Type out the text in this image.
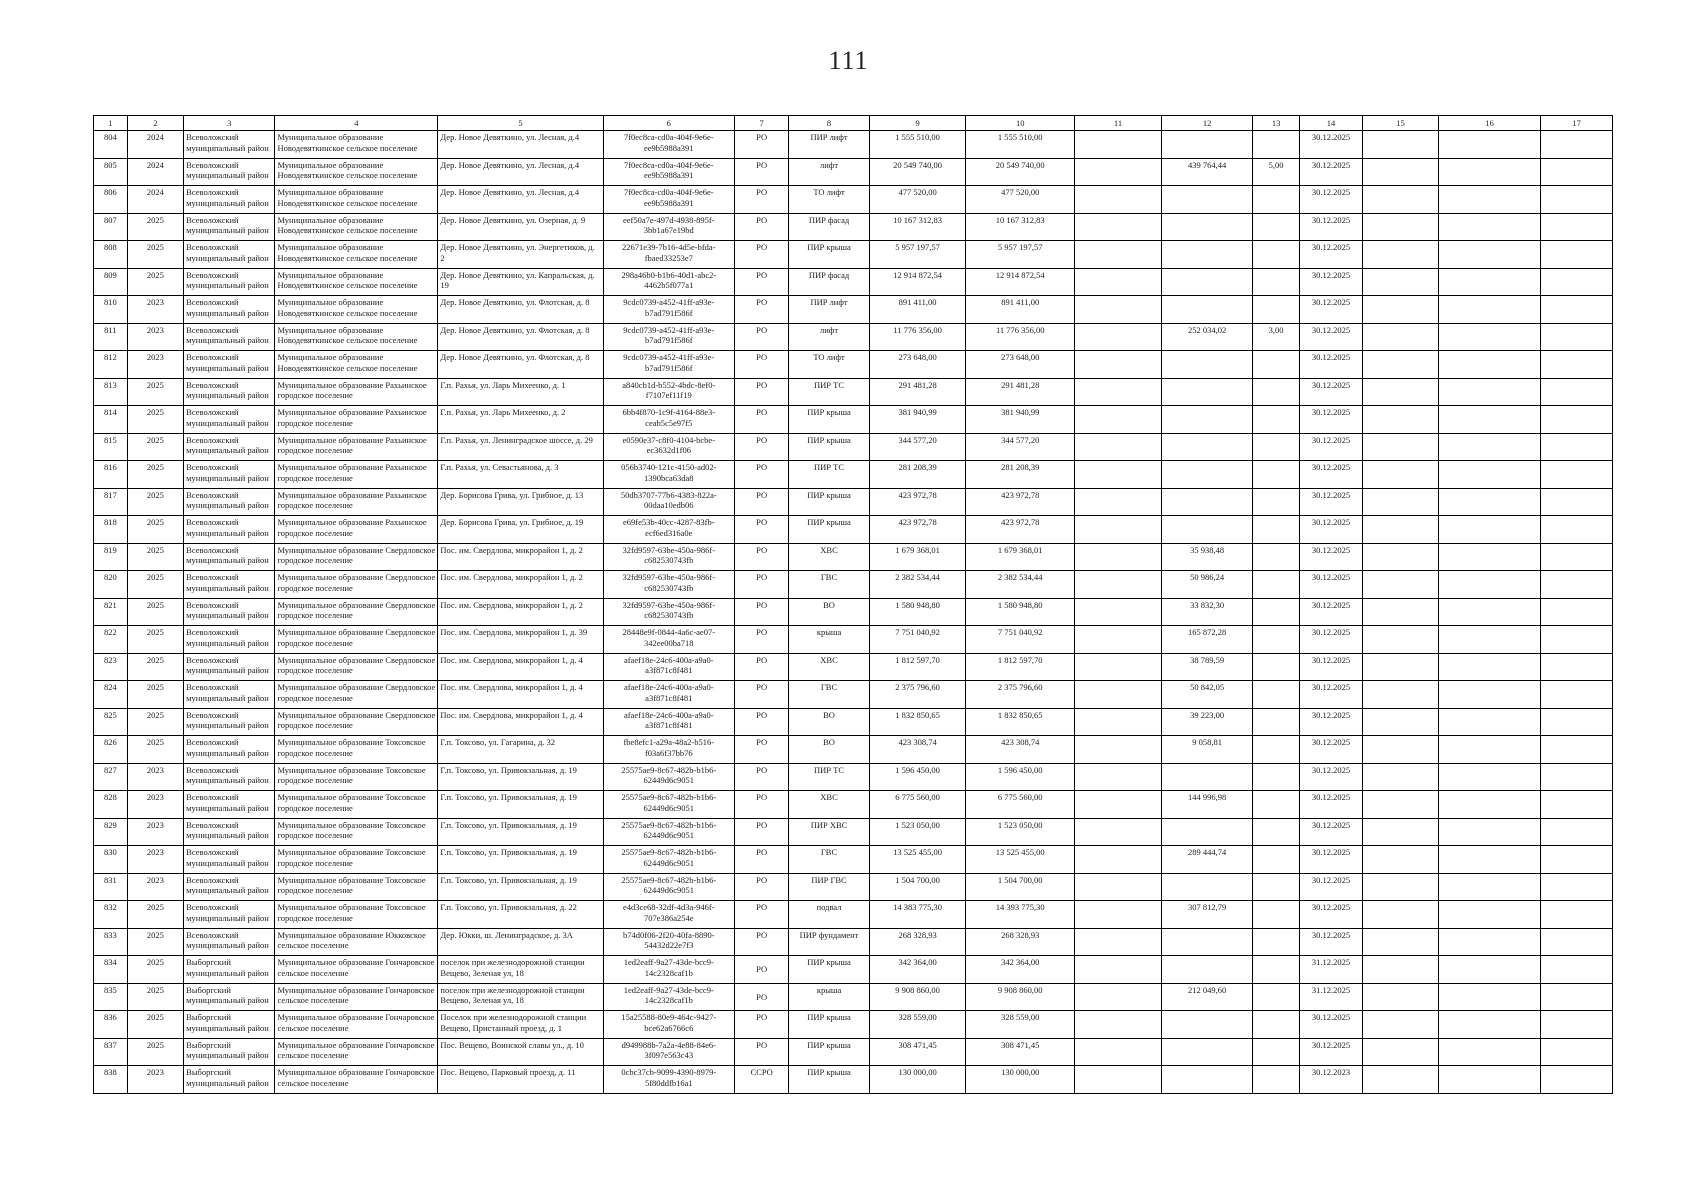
111
1	2	3	4	5	6	7	8	9	10	11	12	13	14	15	16	17
804	2024	Всеволожский муниципальный район	Муниципальное образование Новодевяткинское сельское поселение	Дер. Новое Девяткино, ул. Лесная, д.4	7f0ec8ca-cd0a-404f-9e6e-ee9b5988a391	РО	ПИР лифт	1 555 510,00	1 555 510,00				30.12.2025			
805	2024	Всеволожский муниципальный район	Муниципальное образование Новодевяткинское сельское поселение	Дер. Новое Девяткино, ул. Лесная, д.4	7f0ec8ca-cd0a-404f-9e6e-ee9b5988a391	РО	лифт	20 549 740,00	20 549 740,00		439 764,44	5,00	30.12.2025			
806	2024	Всеволожский муниципальный район	Муниципальное образование Новодевяткинское сельское поселение	Дер. Новое Девяткино, ул. Лесная, д.4	7f0ec8ca-cd0a-404f-9e6e-ee9b5988a391	РО	ТО лифт	477 520,00	477 520,00				30.12.2025			
807	2025	Всеволожский муниципальный район	Муниципальное образование Новодевяткинское сельское поселение	Дер. Новое Девяткино, ул. Озерная, д. 9	eef50a7e-497d-4938-895f-3bb1a67e19bd	РО	ПИР фасад	10 167 312,83	10 167 312,83				30.12.2025			
808	2025	Всеволожский муниципальный район	Муниципальное образование Новодевяткинское сельское поселение	Дер. Новое Девяткино, ул. Энергетиков, д. 2	22671e39-7b16-4d5e-bfda-fbaed33253e7	РО	ПИР крыша	5 957 197,57	5 957 197,57				30.12.2025			
809	2025	Всеволожский муниципальный район	Муниципальное образование Новодевяткинское сельское поселение	Дер. Новое Девяткино, ул. Капральская, д. 19	298a46b0-b1b6-40d1-abc2-4462b5f077a1	РО	ПИР фасад	12 914 872,54	12 914 872,54				30.12.2025			
810	2023	Всеволожский муниципальный район	Муниципальное образование Новодевяткинское сельское поселение	Дер. Новое Девяткино, ул. Флотская, д. 8	9cdc0739-a452-41ff-a93e-b7ad791f586f	РО	ПИР лифт	891 411,00	891 411,00				30.12.2025			
811	2023	Всеволожский муниципальный район	Муниципальное образование Новодевяткинское сельское поселение	Дер. Новое Девяткино, ул. Флотская, д. 8	9cdc0739-a452-41ff-a93e-b7ad791f586f	РО	лифт	11 776 356,00	11 776 356,00		252 034,02	3,00	30.12.2025			
812	2023	Всеволожский муниципальный район	Муниципальное образование Новодевяткинское сельское поселение	Дер. Новое Девяткино, ул. Флотская, д. 8	9cdc0739-a452-41ff-a93e-b7ad791f586f	РО	ТО лифт	273 648,00	273 648,00				30.12.2025			
813	2025	Всеволожский муниципальный район	Муниципальное образование Рахьинское городское поселение	Г.п. Рахья, ул. Ларь Михеенко, д. 1	a840cb1d-b552-4bdc-8ef0-f7107ef11f19	РО	ПИР ТС	291 481,28	291 481,28				30.12.2025			
814	2025	Всеволожский муниципальный район	Муниципальное образование Рахьинское городское поселение	Г.п. Рахья, ул. Ларь Михеенко, д. 2	6bb4f870-1c9f-4164-88e3-ceab5c5e97f5	РО	ПИР крыша	381 940,99	381 940,99				30.12.2025			
815	2025	Всеволожский муниципальный район	Муниципальное образование Рахьинское городское поселение	Г.п. Рахья, ул. Ленинградское шоссе, д. 29	e0590e37-c8f0-4104-bcbe-ec3632d1f06	РО	ПИР крыша	344 577,20	344 577,20				30.12.2025			
816	2025	Всеволожский муниципальный район	Муниципальное образование Рахьинское городское поселение	Г.п. Рахья, ул. Севастьянова, д. 3	056b3740-121c-4150-ad02-1390bca63da8	РО	ПИР ТС	281 208,39	281 208,39				30.12.2025			
817	2025	Всеволожский муниципальный район	Муниципальное образование Рахьинское городское поселение	Дер. Борисова Грива, ул. Грибное, д. 13	50db3707-77b6-4383-822a-00daa10edb06	РО	ПИР крыша	423 972,78	423 972,78				30.12.2025			
818	2025	Всеволожский муниципальный район	Муниципальное образование Рахьинское городское поселение	Дер. Борисова Грива, ул. Грибное, д. 19	e69fe53b-40cc-4287-83fb-ecf6ed316a0e	РО	ПИР крыша	423 972,78	423 972,78				30.12.2025			
819	2025	Всеволожский муниципальный район	Муниципальное образование Свердловское городское поселение	Пос. им. Свердлова, микрорайон 1, д. 2	32fd9597-63be-450a-986f-c682530743fb	РО	ХВС	1 679 368,01	1 679 368,01		35 938,48		30.12.2025			
820	2025	Всеволожский муниципальный район	Муниципальное образование Свердловское городское поселение	Пос. им. Свердлова, микрорайон 1, д. 2	32fd9597-63be-450a-986f-c682530743fb	РО	ГВС	2 382 534,44	2 382 534,44		50 986,24		30.12.2025			
821	2025	Всеволожский муниципальный район	Муниципальное образование Свердловское городское поселение	Пос. им. Свердлова, микрорайон 1, д. 2	32fd9597-63be-450a-986f-c682530743fb	РО	ВО	1 580 948,80	1 580 948,80		33 832,30		30.12.2025			
822	2025	Всеволожский муниципальный район	Муниципальное образование Свердловское городское поселение	Пос. им. Свердлова, микрорайон 1, д. 39	28448e9f-0844-4a6c-ae07-342ee00ba718	РО	крыша	7 751 040,92	7 751 040,92		165 872,28		30.12.2025			
823	2025	Всеволожский муниципальный район	Муниципальное образование Свердловское городское поселение	Пос. им. Свердлова, микрорайон 1, д. 4	afaef18e-24c6-400a-a9a0-a3f871c8f481	РО	ХВС	1 812 597,70	1 812 597,70		38 789,59		30.12.2025			
824	2025	Всеволожский муниципальный район	Муниципальное образование Свердловское городское поселение	Пос. им. Свердлова, микрорайон 1, д. 4	afaef18e-24c6-400a-a9a0-a3f871c8f481	РО	ГВС	2 375 796,60	2 375 796,60		50 842,05		30.12.2025			
825	2025	Всеволожский муниципальный район	Муниципальное образование Свердловское городское поселение	Пос. им. Свердлова, микрорайон 1, д. 4	afaef18e-24c6-400a-a9a0-a3f871c8f481	РО	ВО	1 832 850,65	1 832 850,65		39 223,00		30.12.2025			
826	2025	Всеволожский муниципальный район	Муниципальное образование Токсовское городское поселение	Г.п. Токсово, ул. Гагарина, д. 32	fbe8efc1-a29a-48a2-b516-f03a6f37bb76	РО	ВО	423 308,74	423 308,74		9 058,81		30.12.2025			
827	2023	Всеволожский муниципальный район	Муниципальное образование Токсовское городское поселение	Г.п. Токсово, ул. Привокзальная, д. 19	25575ae9-8c67-482b-b1b6-62449d6c9051	РО	ПИР ТС	1 596 450,00	1 596 450,00				30.12.2025			
828	2023	Всеволожский муниципальный район	Муниципальное образование Токсовское городское поселение	Г.п. Токсово, ул. Привокзальная, д. 19	25575ae9-8c67-482b-b1b6-62449d6c9051	РО	ХВС	6 775 560,00	6 775 560,00		144 996,98		30.12.2025			
829	2023	Всеволожский муниципальный район	Муниципальное образование Токсовское городское поселение	Г.п. Токсово, ул. Привокзальная, д. 19	25575ae9-8c67-482b-b1b6-62449d6c9051	РО	ПИР ХВС	1 523 050,00	1 523 050,00				30.12.2025			
830	2023	Всеволожский муниципальный район	Муниципальное образование Токсовское городское поселение	Г.п. Токсово, ул. Привокзальная, д. 19	25575ae9-8c67-482b-b1b6-62449d6c9051	РО	ГВС	13 525 455,00	13 525 455,00		289 444,74		30.12.2025			
831	2023	Всеволожский муниципальный район	Муниципальное образование Токсовское городское поселение	Г.п. Токсово, ул. Привокзальная, д. 19	25575ae9-8c67-482b-b1b6-62449d6c9051	РО	ПИР ГВС	1 504 700,00	1 504 700,00				30.12.2025			
832	2025	Всеволожский муниципальный район	Муниципальное образование Токсовское городское поселение	Г.п. Токсово, ул. Привокзальная, д. 22	e4d3ce68-32df-4d3a-946f-707e386a254e	РО	подвал	14 383 775,30	14 393 775,30		307 812,79		30.12.2025			
833	2025	Всеволожский муниципальный район	Муниципальное образование Юкковское сельское поселение	Дер. Юкки, ш. Ленинградское, д. 3А	b74d0f06-2f20-40fa-8890-54432d22e7f3	РО	ПИР фундамент	268 328,93	268 328,93				30.12.2025			
834	2025	Выборгский муниципальный район	Муниципальное образование Гончаровское сельское поселение	поселок при железнодорожной станции Вещево, Зеленая ул, 18	1ed2eaff-9a27-43de-bcc9-14c2328caf1b	РО	ПИР крыша	342 364,00	342 364,00				31.12.2025			
835	2025	Выборгский муниципальный район	Муниципальное образование Гончаровское сельское поселение	поселок при железнодорожной станции Вещево, Зеленая ул, 18	1ed2eaff-9a27-43de-bcc9-14c2328caf1b	РО	крыша	9 908 860,00	9 908 860,00		212 049,60		31.12.2025			
836	2025	Выборгский муниципальный район	Муниципальное образование Гончаровское сельское поселение	Поселок при железнодорожной станции Вещево, Пристанный проезд, д. 1	15a25588-80e9-464c-9427-bce62a6766c6	РО	ПИР крыша	328 559,00	328 559,00				30.12.2025			
837	2025	Выборгский муниципальный район	Муниципальное образование Гончаровское сельское поселение	Пос. Вещево, Воинской славы ул., д. 10	d949988b-7a2a-4e88-84e6-3f097e563c43	РО	ПИР крыша	308 471,45	308 471,45				30.12.2025			
838	2023	Выборгский муниципальный район	Муниципальное образование Гончаровское сельское поселение	Пос. Вещево, Парковый проезд, д. 11	0cbc37cb-9099-4390-8979-5f80ddfb16a1	ССРО	ПИР крыша	130 000,00	130 000,00				30.12.2023			
